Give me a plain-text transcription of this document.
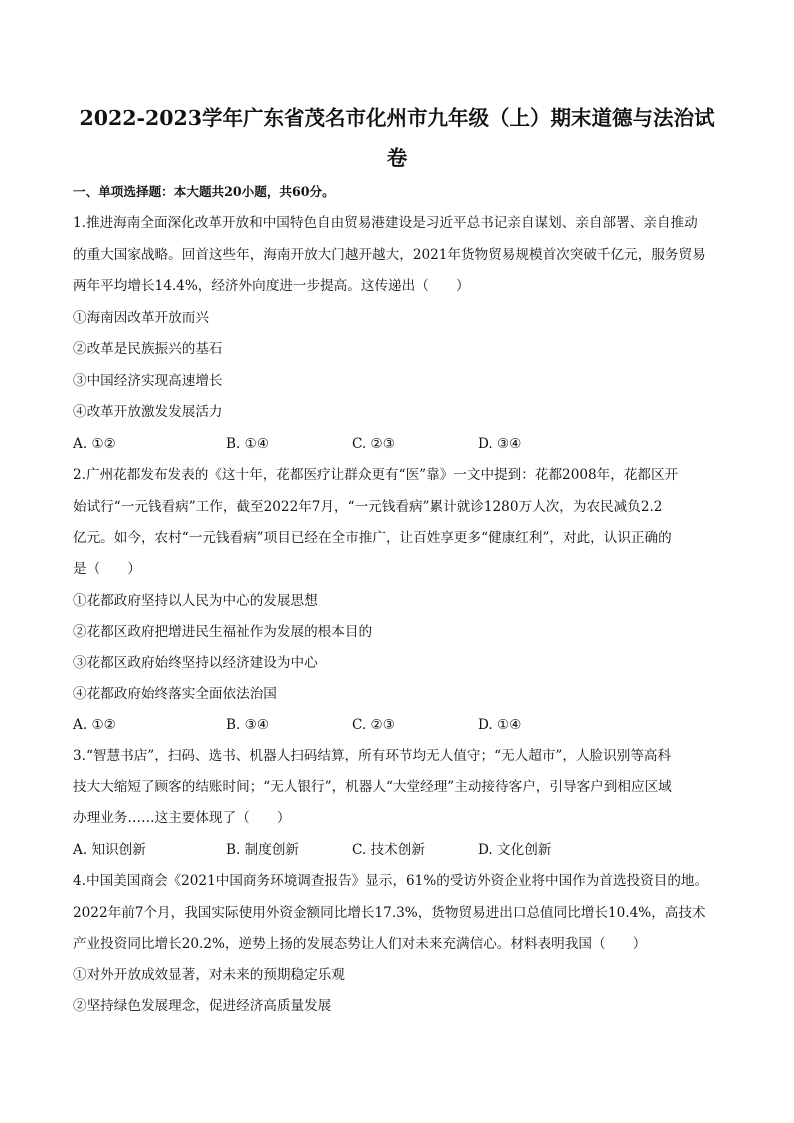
2022-2023学年广东省茂名市化州市九年级（上）期末道德与法治试
卷
一、单项选择题：本大题共20小题，共60分。
1.推进海南全面深化改革开放和中国特色自由贸易港建设是习近平总书记亲自谋划、亲自部署、亲自推动
的重大国家战略。回首这些年，海南开放大门越开越大，2021年货物贸易规模首次突破千亿元，服务贸易
两年平均增长14.4%，经济外向度进一步提高。这传递出（　　）
①海南因改革开放而兴
②改革是民族振兴的基石
③中国经济实现高速增长
④改革开放激发发展活力
A. ①②	B. ①④	C. ②③	D. ③④
2.广州花都发布发表的《这十年，花都医疗让群众更有“医”靠》一文中提到：花都2008年，花都区开
始试行“一元钱看病”工作，截至2022年7月，“一元钱看病”累计就诊1280万人次，为农民减负2.2
亿元。如今，农村“一元钱看病”项目已经在全市推广，让百姓享更多“健康红利”，对此，认识正确的
是（　　）
①花都政府坚持以人民为中心的发展思想
②花都区政府把增进民生福祉作为发展的根本目的
③花都区政府始终坚持以经济建设为中心
④花都政府始终落实全面依法治国
A. ①②	B. ③④	C. ②③	D. ①④
3.“智慧书店”，扫码、选书、机器人扫码结算，所有环节均无人值守；“无人超市”，人脸识别等高科
技大大缩短了顾客的结账时间；“无人银行”，机器人“大堂经理”主动接待客户，引导客户到相应区域
办理业务……这主要体现了（　　）
A. 知识创新	B. 制度创新	C. 技术创新	D. 文化创新
4.中国美国商会《2021中国商务环境调查报告》显示，61%的受访外资企业将中国作为首选投资目的地。
2022年前7个月，我国实际使用外资金额同比增长17.3%，货物贸易进出口总值同比增长10.4%，高技术
产业投资同比增长20.2%，逆势上扬的发展态势让人们对未来充满信心。材料表明我国（　　）
①对外开放成效显著，对未来的预期稳定乐观
②坚持绿色发展理念，促进经济高质量发展
